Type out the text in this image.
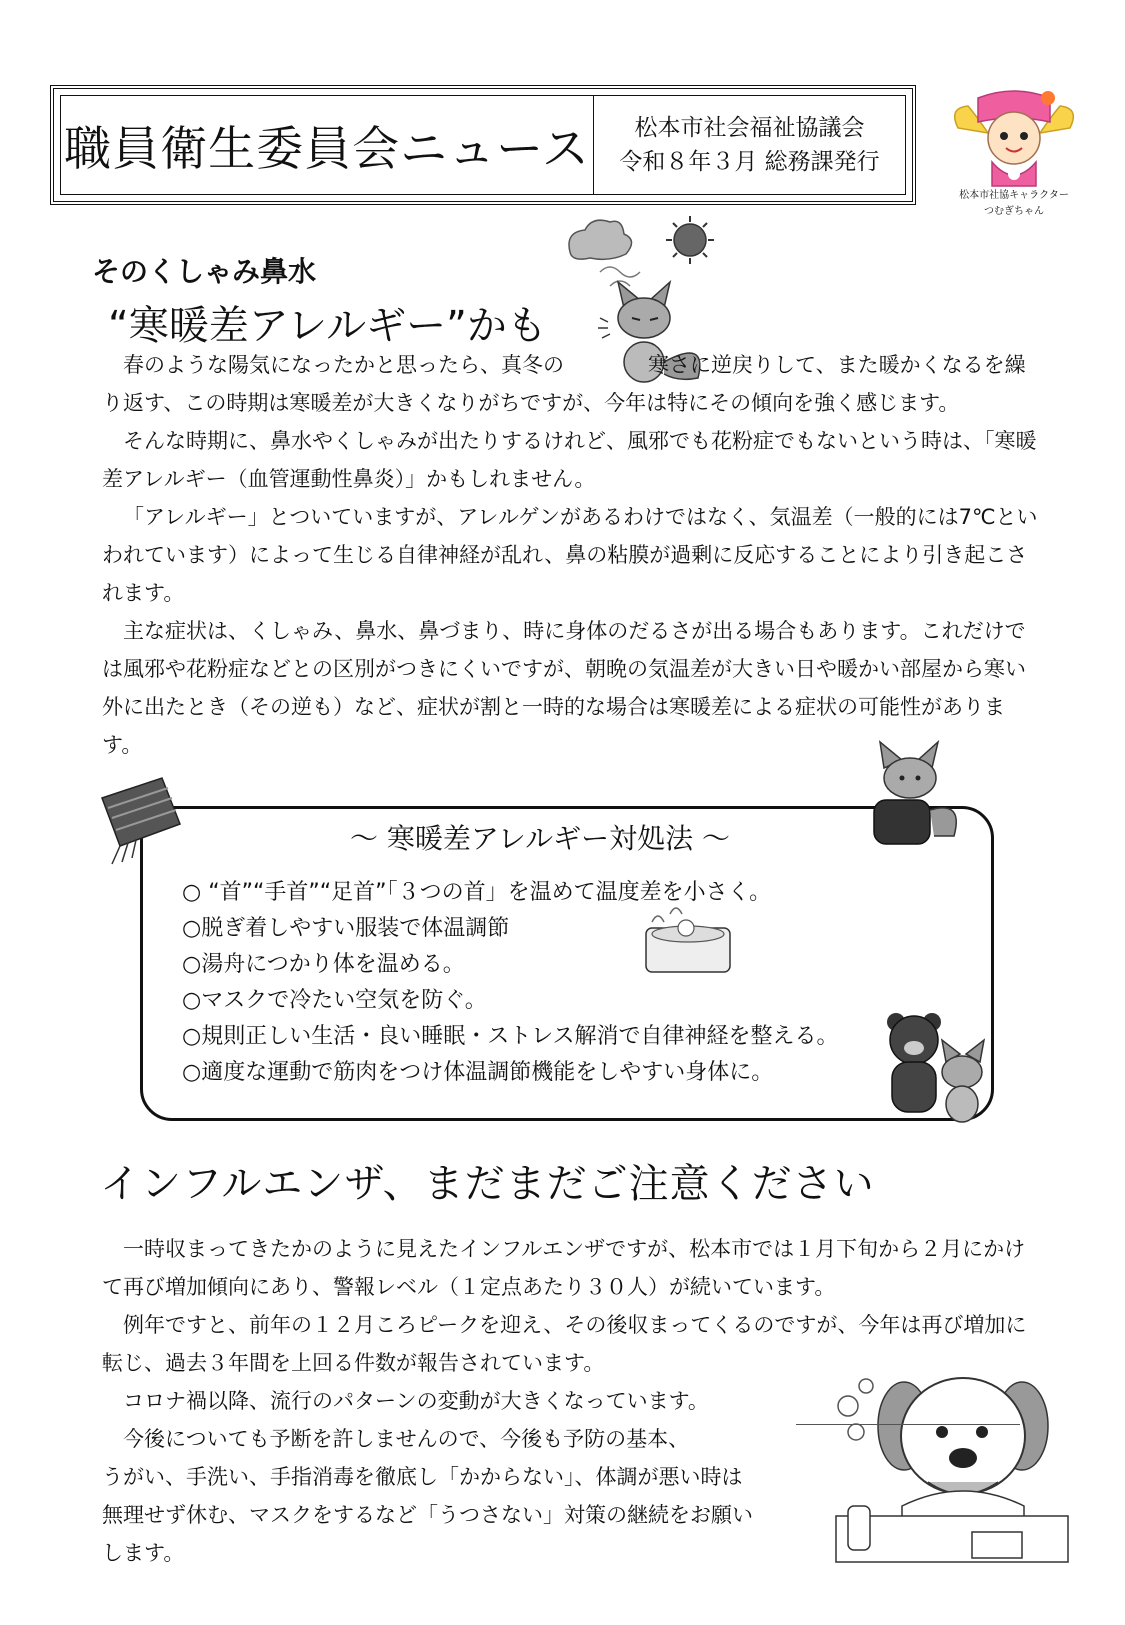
職員衛生委員会ニュース 松本市社会福祉協議会
令和８年３月 総務課発行
松本市社協キャラクター
つむぎちゃん
そのくしゃみ鼻水
“寒暖差アレルギー”かも

春のような陽気になったかと思ったら、真冬の　　　　寒さに逆戻りして、また暖かくなるを繰り返す、この時期は寒暖差が大きくなりがちですが、今年は特にその傾向を強く感じます。

そんな時期に、鼻水やくしゃみが出たりするけれど、風邪でも花粉症でもないという時は、「寒暖差アレルギー（血管運動性鼻炎）」かもしれません。

「アレルギー」とついていますが、アレルゲンがあるわけではなく、気温差（一般的には7℃といわれています）によって生じる自律神経が乱れ、鼻の粘膜が過剰に反応することにより引き起こされます。

主な症状は、くしゃみ、鼻水、鼻づまり、時に身体のだるさが出る場合もあります。これだけでは風邪や花粉症などとの区別がつきにくいですが、朝晩の気温差が大きい日や暖かい部屋から寒い外に出たとき（その逆も）など、症状が割と一時的な場合は寒暖差による症状の可能性があります。

～ 寒暖差アレルギー対処法 ～
○ “首”“手首”“足首”「３つの首」を温めて温度差を小さく。
○脱ぎ着しやすい服装で体温調節
○湯舟につかり体を温める。
○マスクで冷たい空気を防ぐ。
○規則正しい生活・良い睡眠・ストレス解消で自律神経を整える。
○適度な運動で筋肉をつけ体温調節機能をしやすい身体に。
インフルエンザ、まだまだご注意ください

一時収まってきたかのように見えたインフルエンザですが、松本市では１月下旬から２月にかけて再び増加傾向にあり、警報レベル（１定点あたり３０人）が続いています。

例年ですと、前年の１２月ころピークを迎え、その後収まってくるのですが、今年は再び増加に転じ、過去３年間を上回る件数が報告されています。

コロナ禍以降、流行のパターンの変動が大きくなっています。

今後についても予断を許しませんので、今後も予防の基本、
うがい、手洗い、手指消毒を徹底し「かからない」、体調が悪い時は
無理せず休む、マスクをするなど「うつさない」対策の継続をお願い
します。
